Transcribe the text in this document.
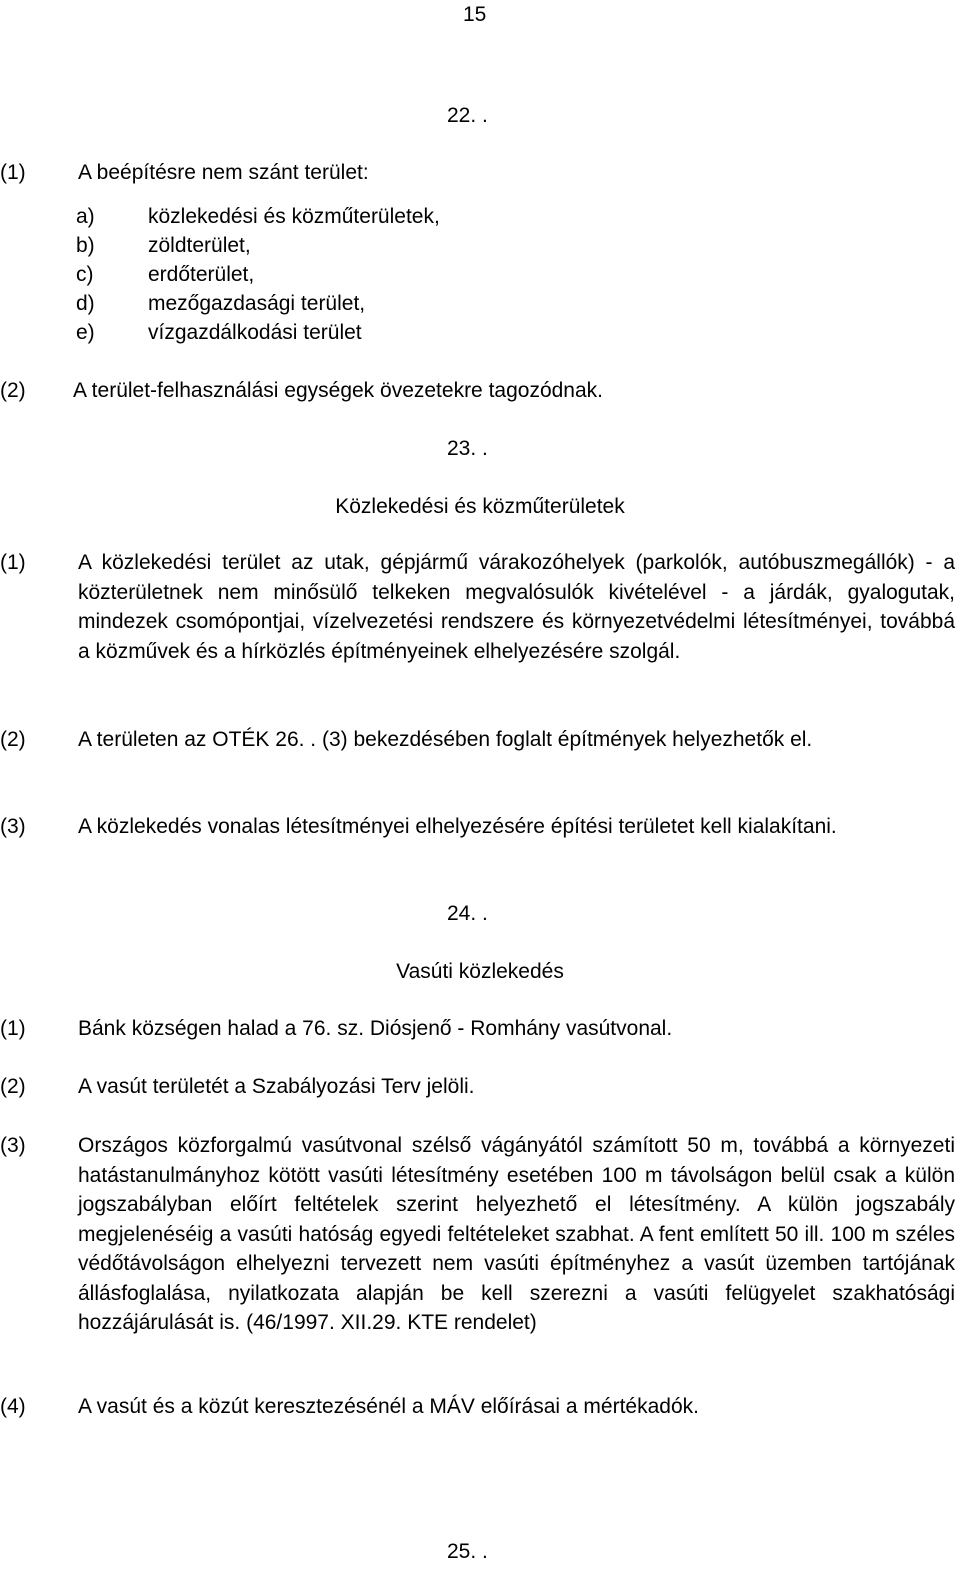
15
22. .
(1) A beépítésre nem szánt terület:
a)	közlekedési és közműterületek,
b)	zöldterület,
c)	erdőterület,
d)	mezőgazdasági terület,
e)	vízgazdálkodási terület
(2) A terület-felhasználási egységek övezetekre tagozódnak.
23. .
Közlekedési és közműterületek
(1) A közlekedési terület az utak, gépjármű várakozóhelyek (parkolók, autóbuszmegállók) - a közterületnek nem minősülő telkeken megvalósulók kivételével - a járdák, gyalogutak, mindezek csomópontjai, vízelvezetési rendszere és környezetvédelmi létesítményei, továbbá a közművek és a hírközlés építményeinek elhelyezésére szolgál.
(2) A területen az OTÉK 26. . (3) bekezdésében foglalt építmények helyezhetők el.
(3) A közlekedés vonalas létesítményei elhelyezésére építési területet kell kialakítani.
24. .
Vasúti közlekedés
(1) Bánk községen halad a 76. sz. Diósjenő - Romhány vasútvonal.
(2) A vasút területét a Szabályozási Terv jelöli.
(3) Országos közforgalmú vasútvonal szélső vágányától számított 50 m, továbbá a környezeti hatástanulmányhoz kötött vasúti létesítmény esetében 100 m távolságon belül csak a külön jogszabályban előírt feltételek szerint helyezhető el létesítmény. A külön jogszabály megjelenéséig a vasúti hatóság egyedi feltételeket szabhat. A fent említett 50 ill. 100 m széles védőtávolságon elhelyezni tervezett nem vasúti építményhez a vasút üzemben tartójának állásfoglalása, nyilatkozata alapján be kell szerezni a vasúti felügyelet szakhatósági hozzájárulását is. (46/1997. XII.29. KTE rendelet)
(4) A vasút és a közút keresztezésénél a MÁV előírásai a mértékadók.
25. .
